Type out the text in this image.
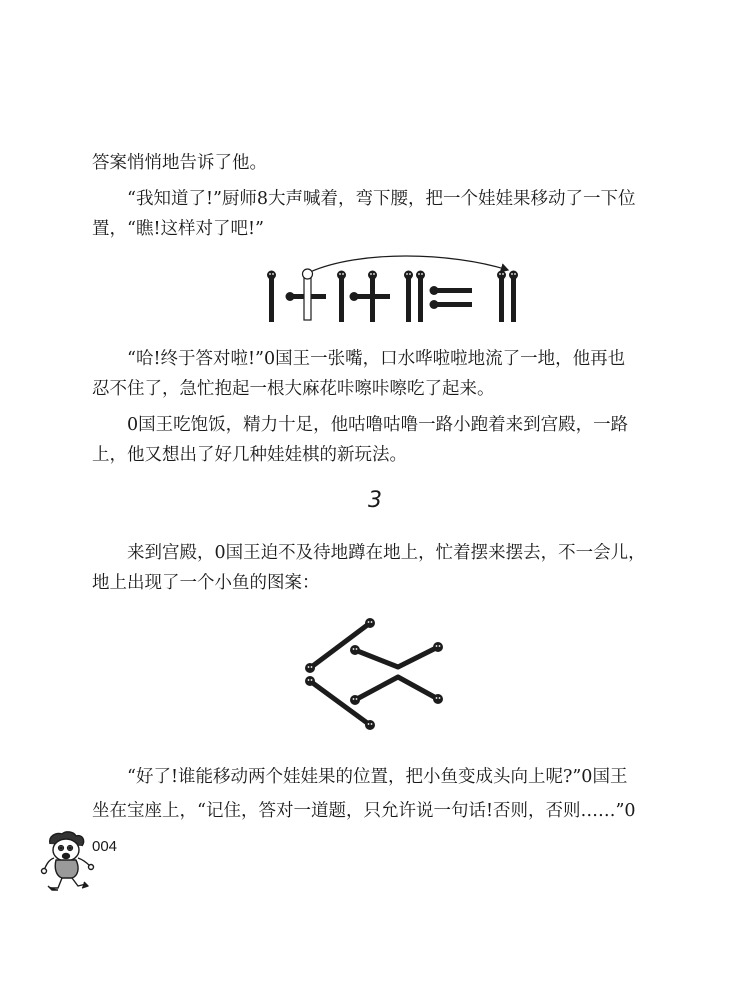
答案悄悄地告诉了他。

“我知道了!”厨师8大声喊着，弯下腰，把一个娃娃果移动了一下位

置，“瞧!这样对了吧!”

“哈!终于答对啦!”0国王一张嘴，口水哗啦啦地流了一地，他再也

忍不住了，急忙抱起一根大麻花咔嚓咔嚓吃了起来。

0国王吃饱饭，精力十足，他咕噜咕噜一路小跑着来到宫殿，一路

上，他又想出了好几种娃娃棋的新玩法。

3

来到宫殿，0国王迫不及待地蹲在地上，忙着摆来摆去，不一会儿，

地上出现了一个小鱼的图案：

“好了!谁能移动两个娃娃果的位置，把小鱼变成头向上呢?”0国王

坐在宝座上，“记住，答对一道题，只允许说一句话!否则，否则……”0

004
